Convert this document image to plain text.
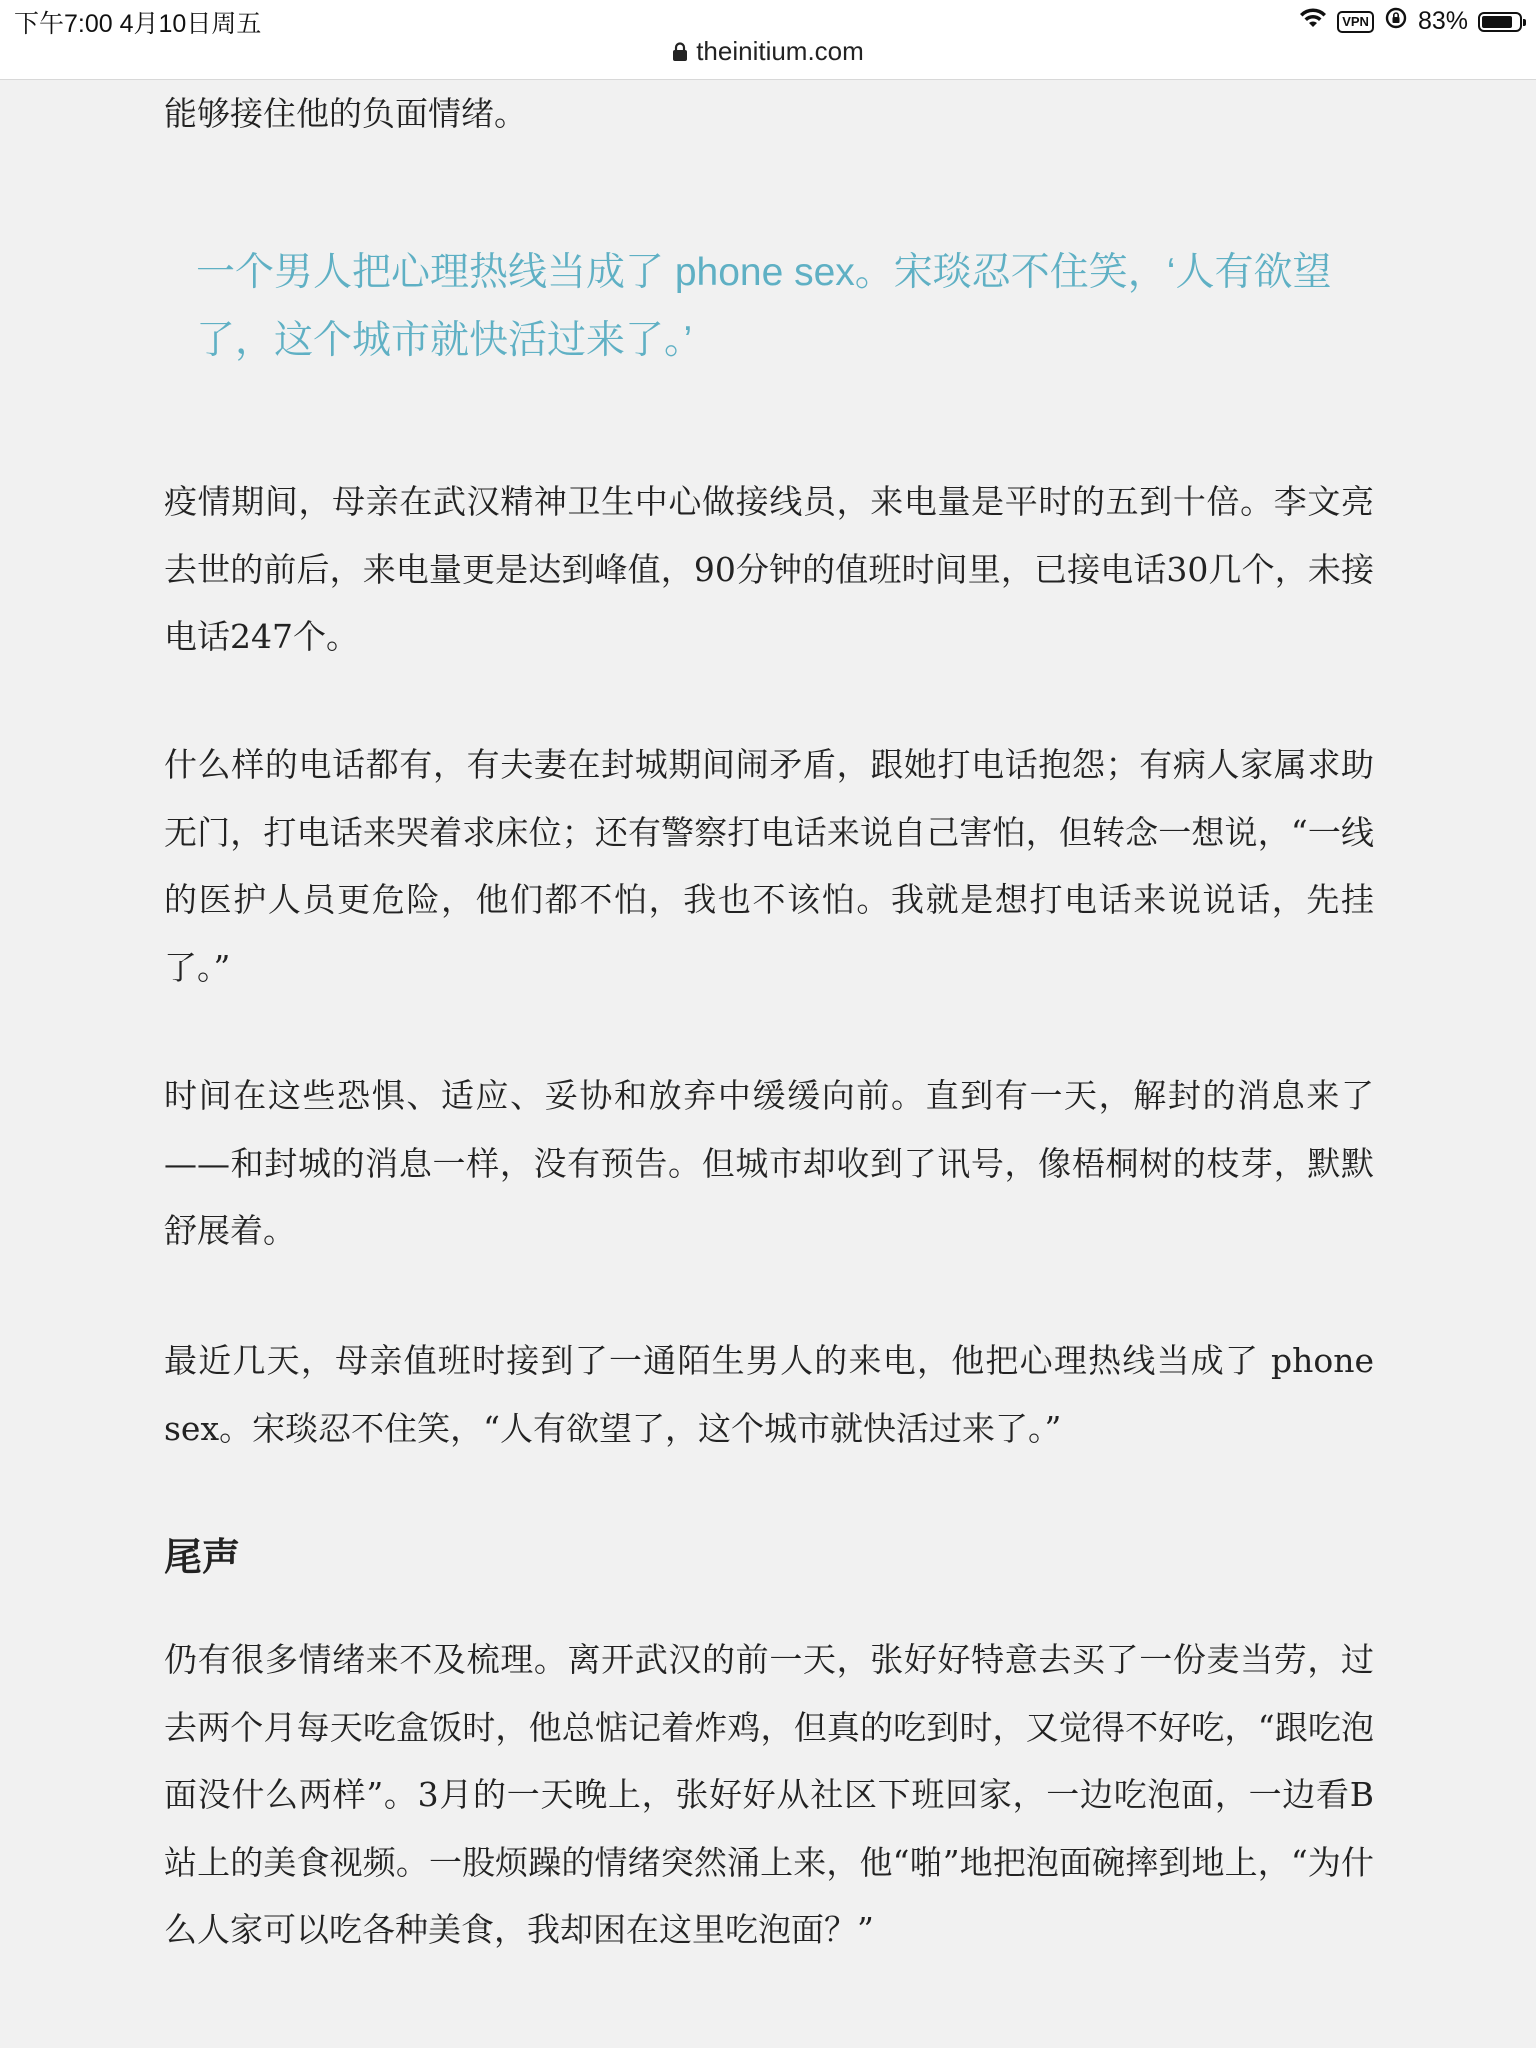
下午7:00 4月10日周五	VPN 83%
theinitium.com

能够接住他的负面情绪。

一个男人把心理热线当成了 phone sex。宋琰忍不住笑，‘人有欲望了，这个城市就快活过来了。’

疫情期间，母亲在武汉精神卫生中心做接线员，来电量是平时的五到十倍。李文亮去世的前后，来电量更是达到峰值，90分钟的值班时间里，已接电话30几个，未接电话247个。

什么样的电话都有，有夫妻在封城期间闹矛盾，跟她打电话抱怨；有病人家属求助无门，打电话来哭着求床位；还有警察打电话来说自己害怕，但转念一想说，“一线的医护人员更危险，他们都不怕，我也不该怕。我就是想打电话来说说话，先挂了。”

时间在这些恐惧、适应、妥协和放弃中缓缓向前。直到有一天，解封的消息来了——和封城的消息一样，没有预告。但城市却收到了讯号，像梧桐树的枝芽，默默舒展着。

最近几天，母亲值班时接到了一通陌生男人的来电，他把心理热线当成了 phone sex。宋琰忍不住笑，“人有欲望了，这个城市就快活过来了。”

尾声

仍有很多情绪来不及梳理。离开武汉的前一天，张好好特意去买了一份麦当劳，过去两个月每天吃盒饭时，他总惦记着炸鸡，但真的吃到时，又觉得不好吃，“跟吃泡面没什么两样”。3月的一天晚上，张好好从社区下班回家，一边吃泡面，一边看B站上的美食视频。一股烦躁的情绪突然涌上来，他“啪”地把泡面碗摔到地上，“为什么人家可以吃各种美食，我却困在这里吃泡面？”
